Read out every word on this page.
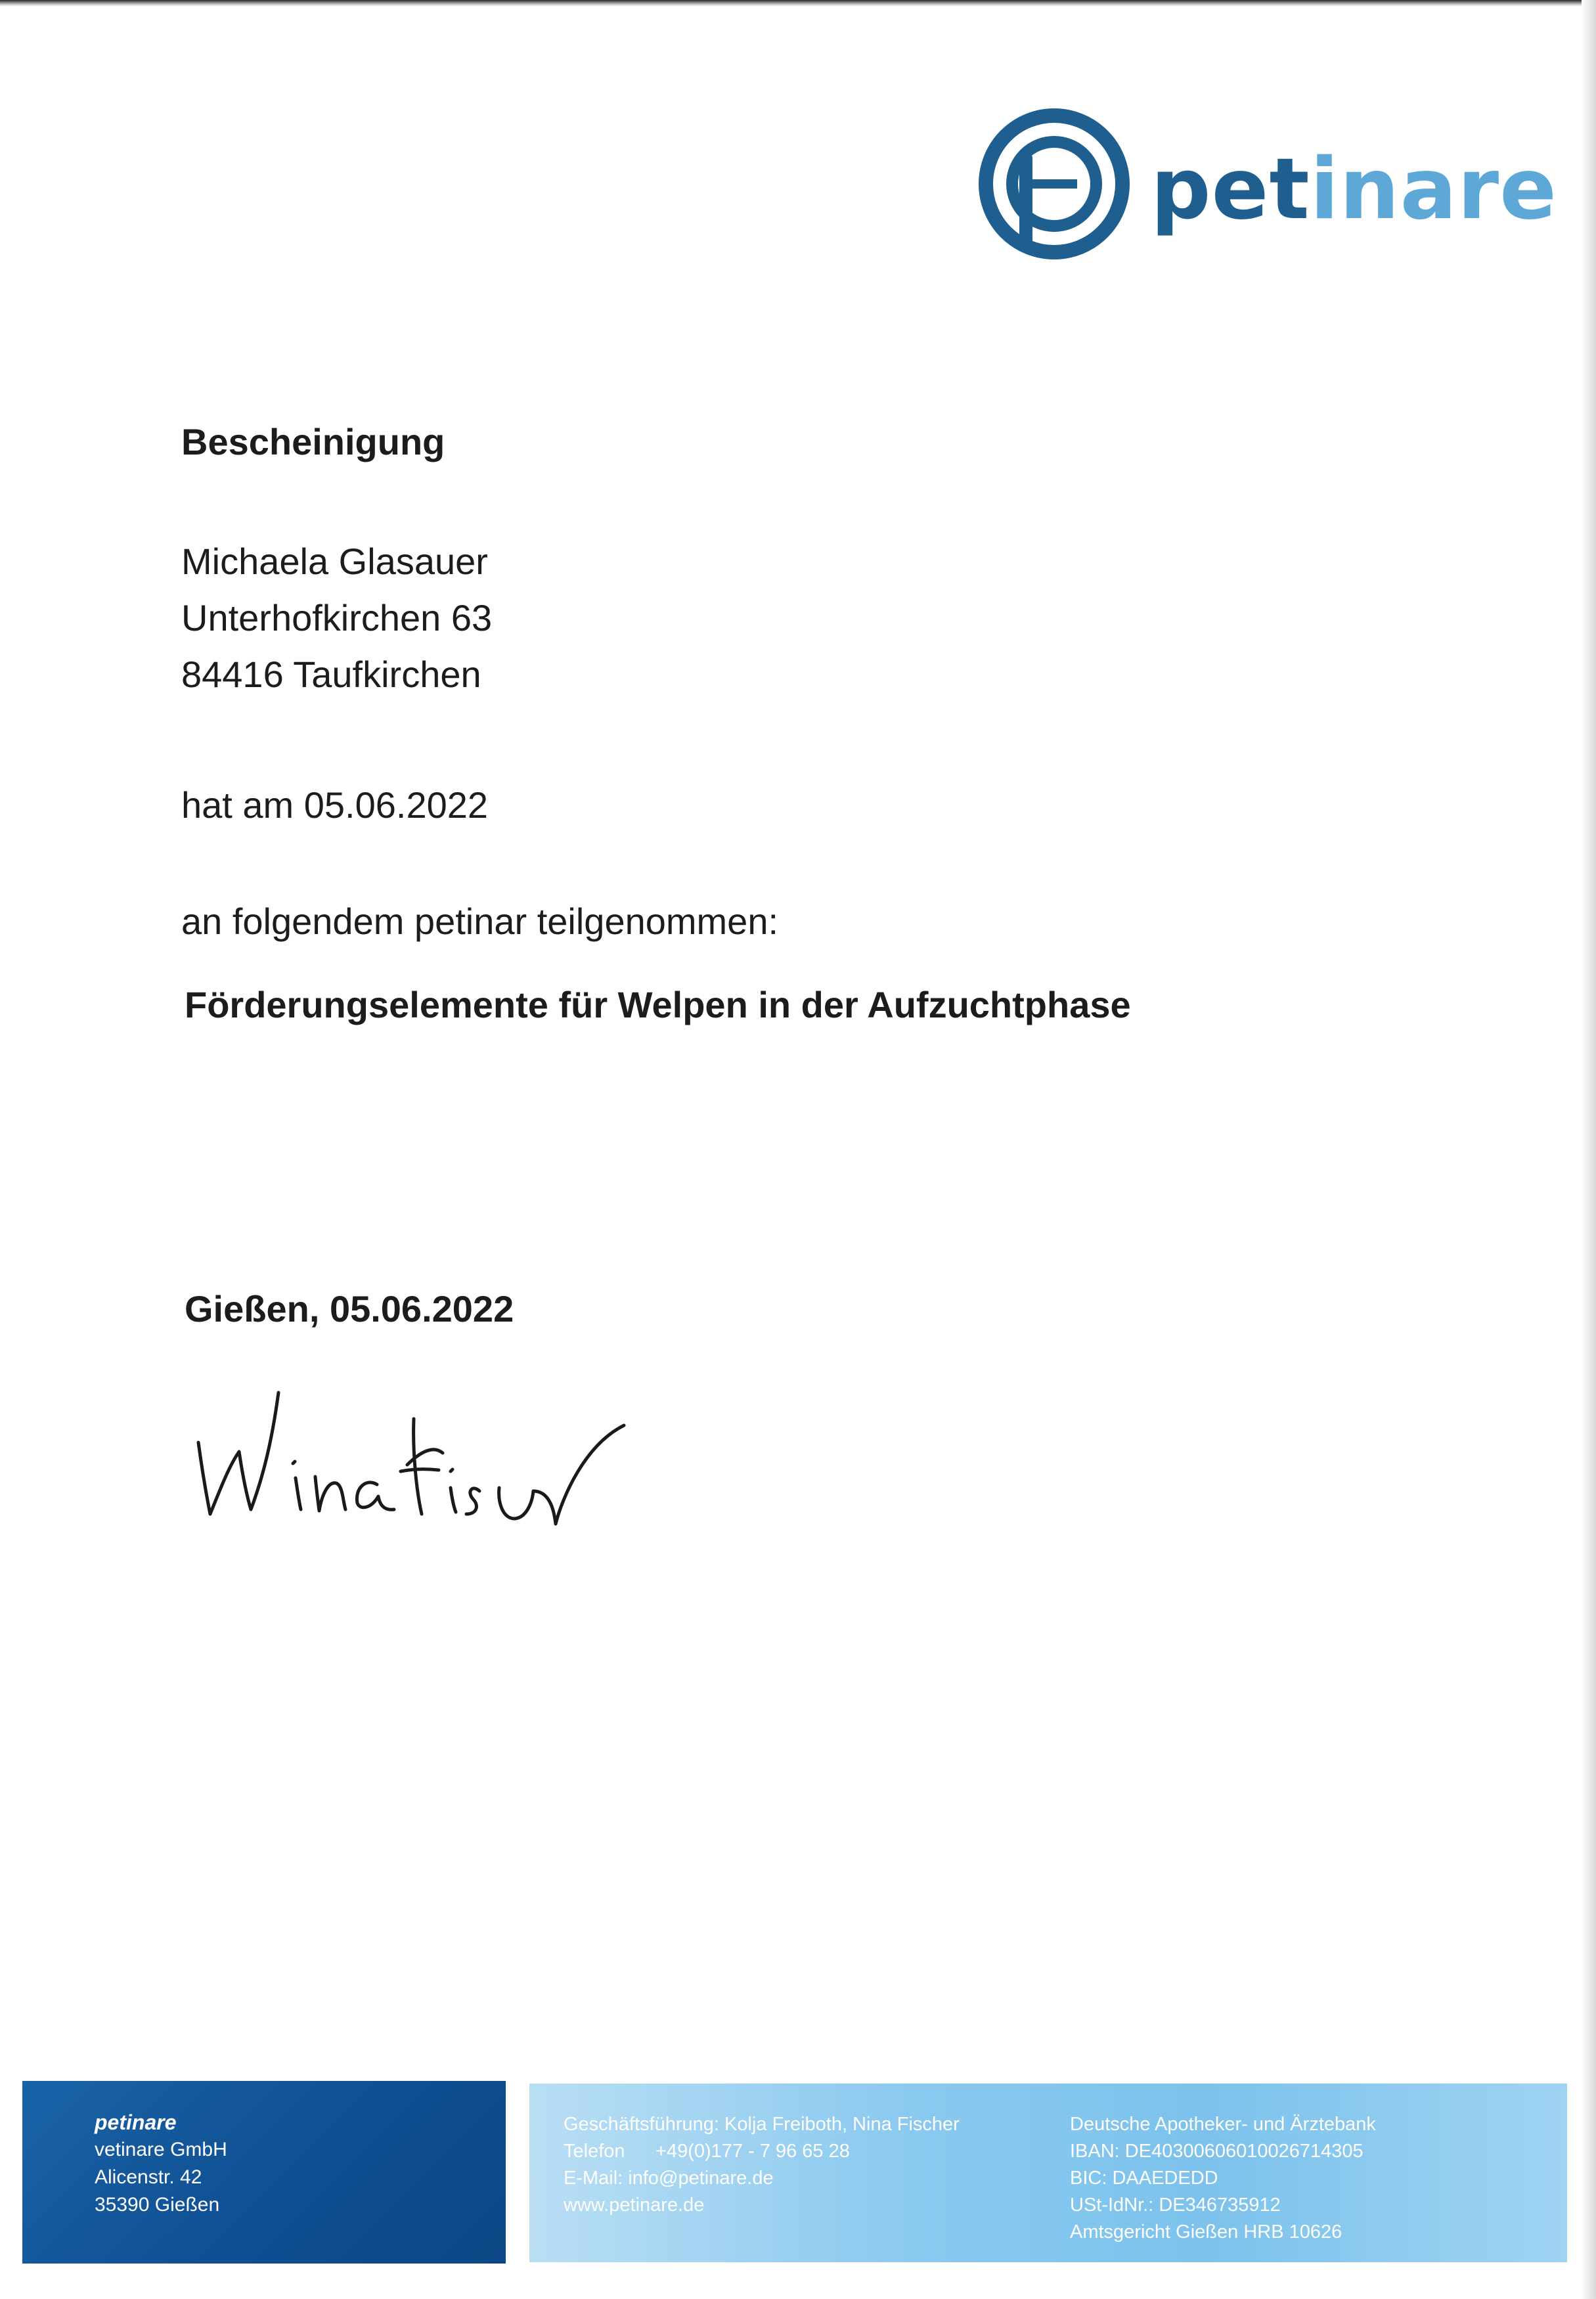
petinare

Bescheinigung

Michaela Glasauer
Unterhofkirchen 63
84416 Taufkirchen

hat am 05.06.2022

an folgendem petinar teilgenommen:

Förderungselemente für Welpen in der Aufzuchtphase

Gießen, 05.06.2022

petinare
vetinare GmbH
Alicenstr. 42
35390 Gießen
Geschäftsführung: Kolja Freiboth, Nina Fischer
Telefon +49(0)177 - 7 96 65 28
E-Mail: info@petinare.de
www.petinare.de
Deutsche Apotheker- und Ärztebank
IBAN: DE40300606010026714305
BIC: DAAEDEDD
USt-IdNr.: DE346735912
Amtsgericht Gießen HRB 10626
